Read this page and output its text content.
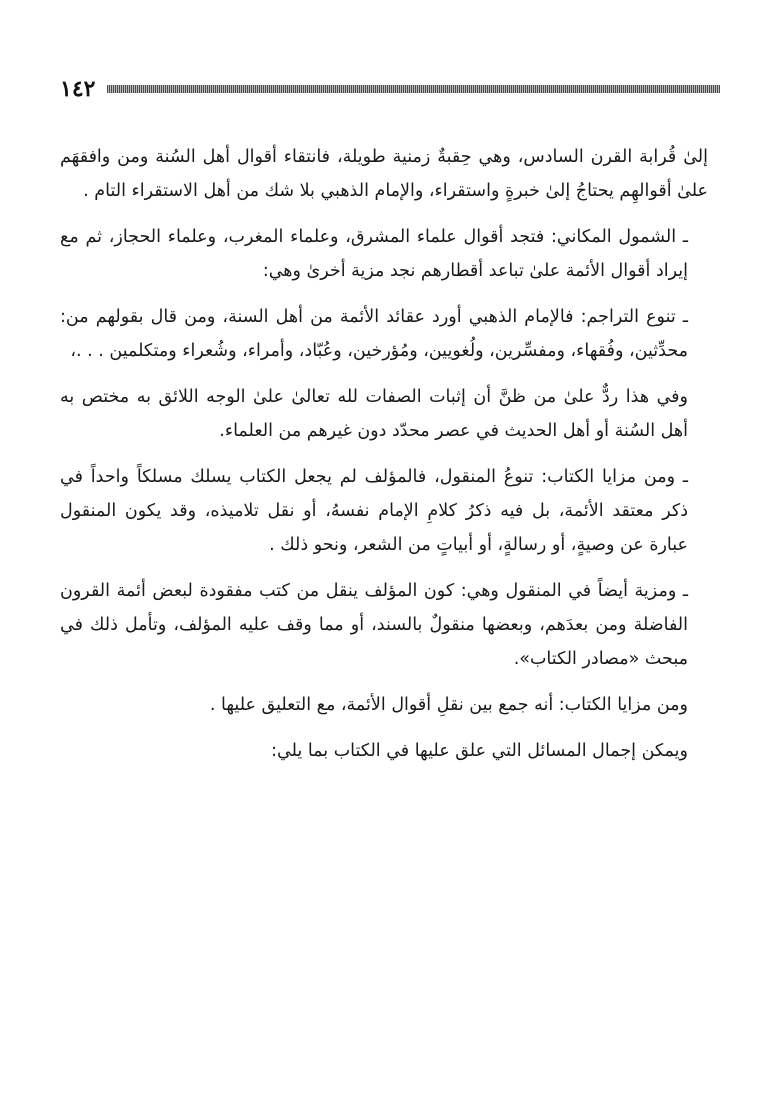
١٤٢

إلىٰ قُرابة القرن السادس، وهي حِقبةٌ زمنية طويلة، فانتقاء أقوال أهل السُنة ومن وافقهَم علىٰ أقوالهِم يحتاجُ إلىٰ خبرةٍ واستقراء، والإمام الذهبي بلا شك من أهل الاستقراء التام .

ـ الشمول المكاني: فتجد أقوال علماء المشرق، وعلماء المغرب، وعلماء الحجاز، ثم مع إيراد أقوال الأئمة علىٰ تباعد أقطارهم نجد مزية أخرىٰ وهي:

ـ تنوع التراجم: فالإمام الذهبي أورد عقائد الأئمة من أهل السنة، ومن قال بقولهم من: محدِّثين، وفُقهاء، ومفسِّرين، ولُغويين، ومُؤرخين، وعُبّاد، وأمراء، وشُعراء ومتكلمين . . .،

وفي هذا ردٌّ علىٰ من ظنَّ أن إثبات الصفات لله تعالىٰ علىٰ الوجه اللائق به مختص به أهل السُنة أو أهل الحديث في عصر محدّد دون غيرهم من العلماء.

ـ ومن مزايا الكتاب: تنوعُ المنقول، فالمؤلف لم يجعل الكتاب يسلك مسلكاً واحداً في ذكر معتقد الأئمة، بل فيه ذكرُ كلامِ الإمام نفسهُ، أو نقل تلاميذه، وقد يكون المنقول عبارة عن وصيةٍ، أو رسالةٍ، أو أبياتٍ من الشعر، ونحو ذلك .

ـ ومزية أيضاً في المنقول وهي: كون المؤلف ينقل من كتب مفقودة لبعض أئمة القرون الفاضلة ومن بعدَهم، وبعضها منقولٌ بالسند، أو مما وقف عليه المؤلف، وتأمل ذلك في مبحث «مصادر الكتاب».

ومن مزايا الكتاب: أنه جمع بين نقلِ أقوال الأئمة، مع التعليق عليها .

ويمكن إجمال المسائل التي علق عليها في الكتاب بما يلي:
